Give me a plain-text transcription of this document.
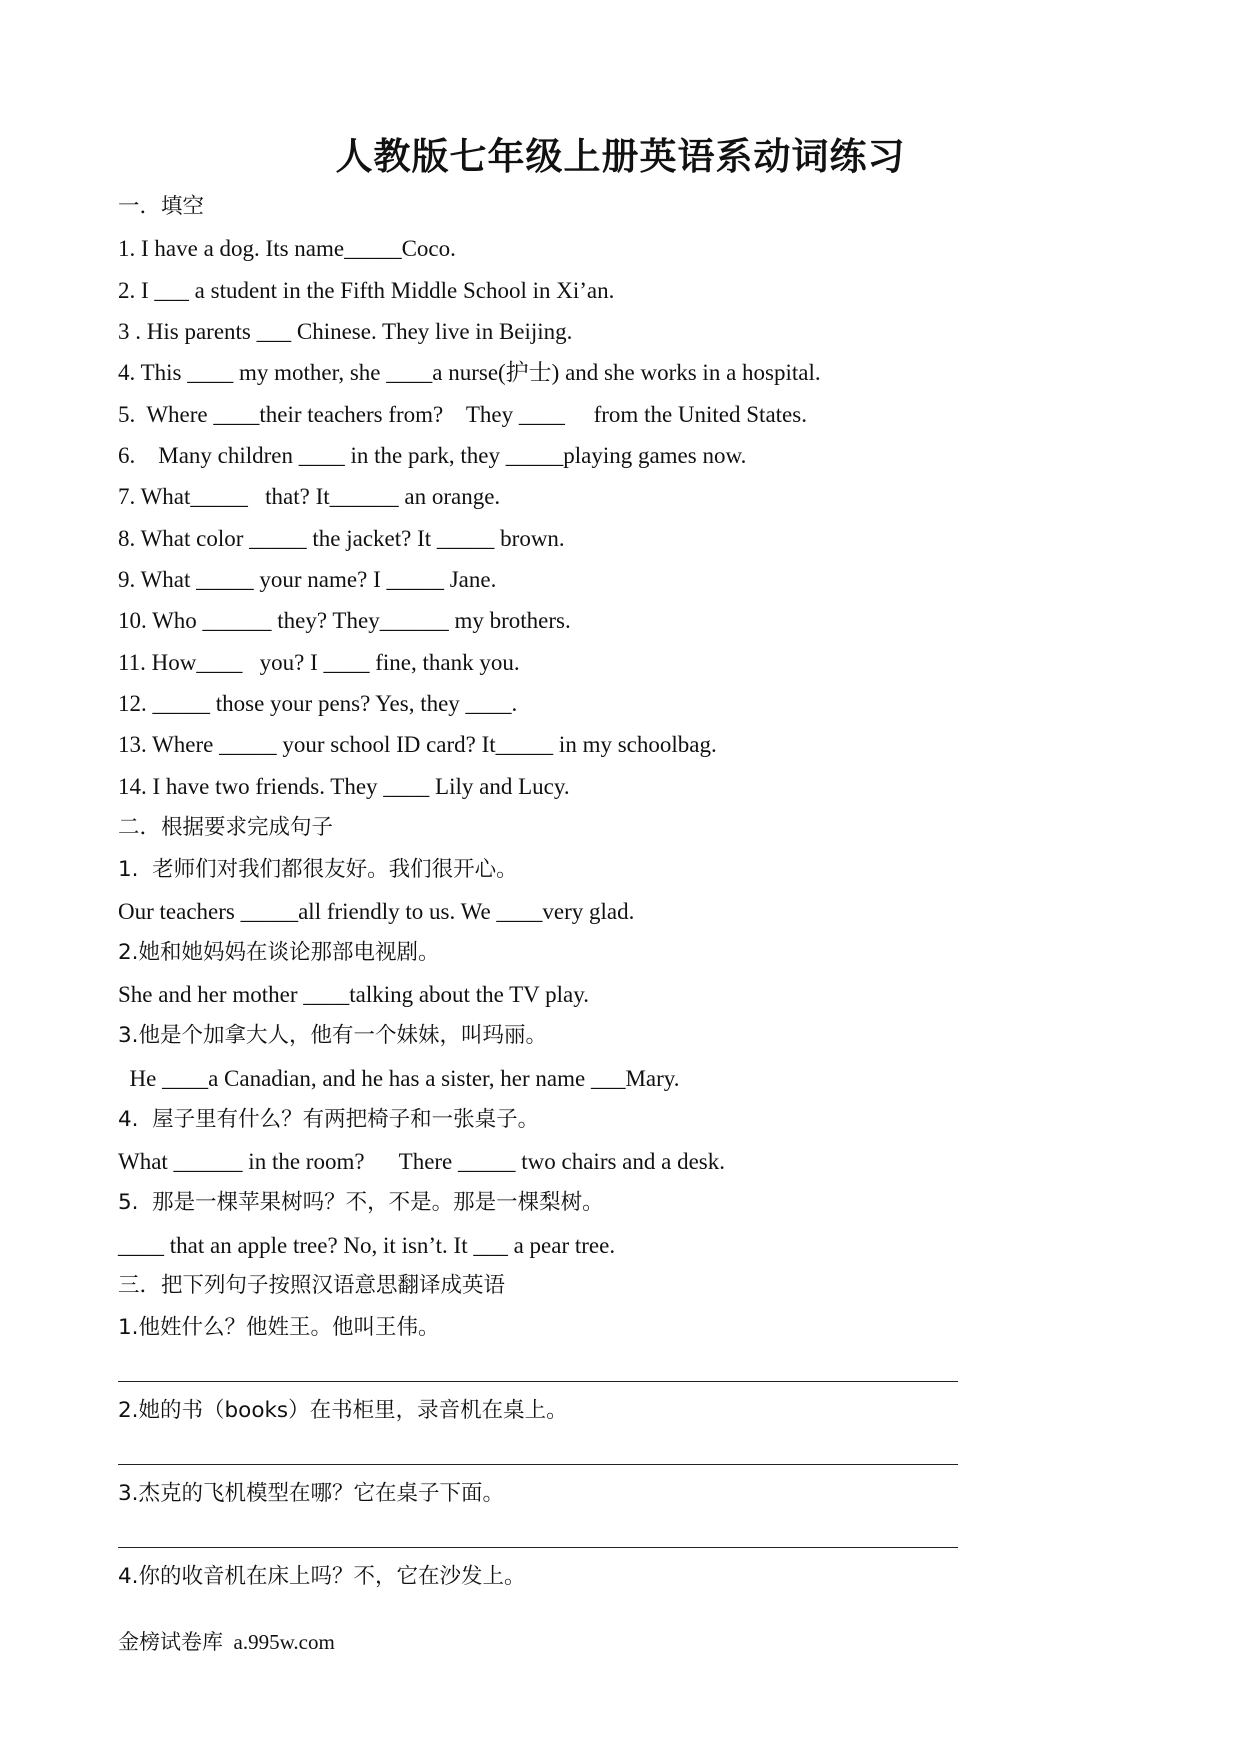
人教版七年级上册英语系动词练习
一．填空
1. I have a dog. Its name_____Coco.
2. I ___ a student in the Fifth Middle School in Xi’an.
3 . His parents ___ Chinese. They live in Beijing.
4. This ____ my mother, she ____a nurse(护士) and she works in a hospital.
5.  Where ____their teachers from?    They ____     from the United States.
6.    Many children ____ in the park, they _____playing games now.
7. What_____   that? It______ an orange.
8. What color _____ the jacket? It _____ brown.
9. What _____ your name? I _____ Jane.
10. Who ______ they? They______ my brothers.
11. How____   you? I ____ fine, thank you.
12. _____ those your pens? Yes, they ____.
13. Where _____ your school ID card? It_____ in my schoolbag.
14. I have two friends. They ____ Lily and Lucy.
二．根据要求完成句子
1.  老师们对我们都很友好。我们很开心。
Our teachers _____all friendly to us. We ____very glad.
2.她和她妈妈在谈论那部电视剧。
She and her mother ____talking about the TV play.
3.他是个加拿大人，他有一个妹妹，叫玛丽。
He ____a Canadian, and he has a sister, her name ___Mary.
4.  屋子里有什么？有两把椅子和一张桌子。
What ______ in the room?      There _____ two chairs and a desk.
5.  那是一棵苹果树吗？不，不是。那是一棵梨树。
____ that an apple tree? No, it isn’t. It ___ a pear tree.
三．把下列句子按照汉语意思翻译成英语
1.他姓什么？他姓王。他叫王伟。
2.她的书（books）在书柜里，录音机在桌上。
3.杰克的飞机模型在哪？它在桌子下面。
4.你的收音机在床上吗？不，它在沙发上。
金榜试卷库  a.995w.com
